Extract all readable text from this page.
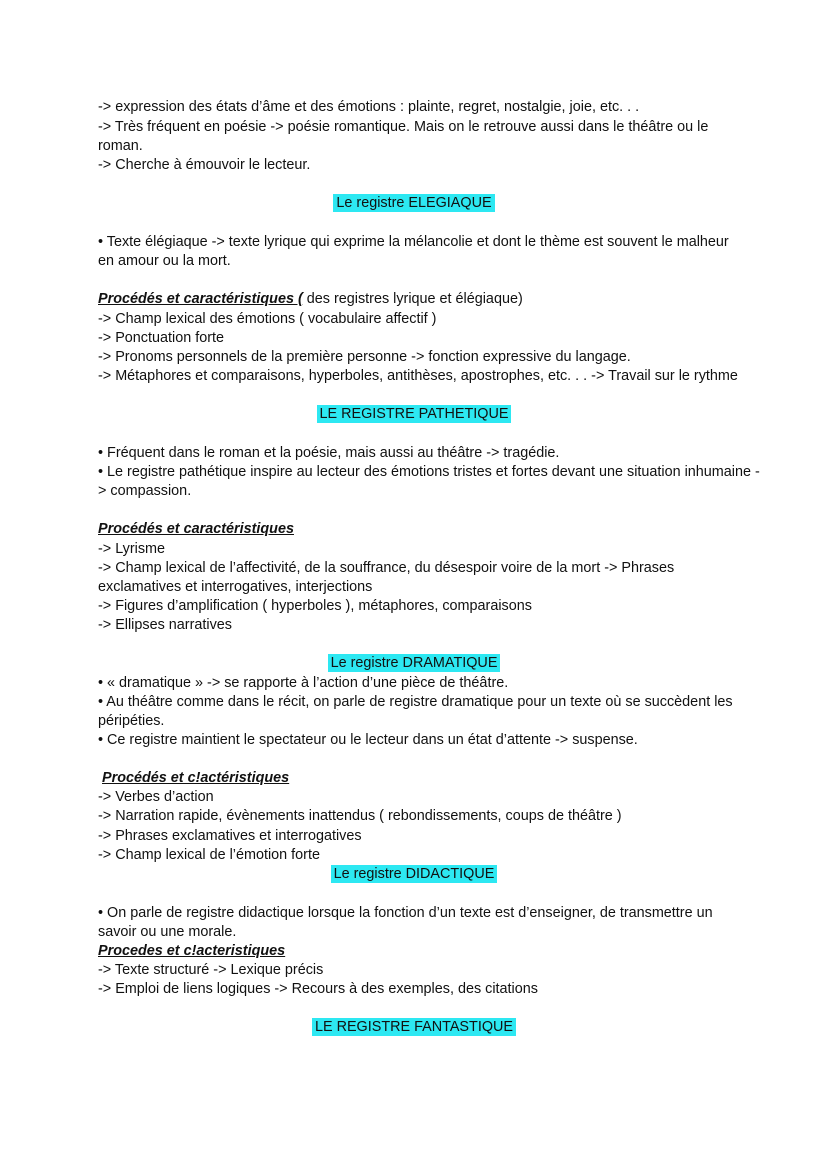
-> expression des états d’âme et des émotions : plainte, regret, nostalgie, joie, etc. . .
-> Très fréquent en poésie -> poésie romantique. Mais on le retrouve aussi dans le théâtre ou le
roman.
-> Cherche à émouvoir le lecteur.
Le registre ELEGIAQUE
• Texte élégiaque -> texte lyrique qui exprime la mélancolie et dont le thème est souvent le malheur
en amour ou la mort.
Procédés et caractéristiques ( des registres lyrique et élégiaque)
-> Champ lexical des émotions ( vocabulaire affectif )
-> Ponctuation forte
-> Pronoms personnels de la première personne -> fonction expressive du langage.
-> Métaphores et comparaisons, hyperboles, antithèses, apostrophes, etc. . . -> Travail sur le rythme
LE REGISTRE PATHETIQUE
• Fréquent dans le roman et la poésie, mais aussi au théâtre -> tragédie.
• Le registre pathétique inspire au lecteur des émotions tristes et fortes devant une situation inhumaine -
> compassion.
Procédés et caractéristiques
-> Lyrisme
-> Champ lexical de l’affectivité, de la souffrance, du désespoir voire de la mort -> Phrases
exclamatives et interrogatives, interjections
-> Figures d’amplification ( hyperboles ), métaphores, comparaisons
-> Ellipses narratives
Le registre DRAMATIQUE
• « dramatique » -> se rapporte à l’action d’une pièce de théâtre.
• Au théâtre comme dans le récit, on parle de registre dramatique pour un texte où se succèdent les
péripéties.
• Ce registre maintient le spectateur ou le lecteur dans un état d’attente -> suspense.
Procédés et c!actéristiques
-> Verbes d’action
-> Narration rapide, évènements inattendus ( rebondissements, coups de théâtre )
-> Phrases exclamatives et interrogatives
-> Champ lexical de l’émotion forte
Le registre DIDACTIQUE
• On parle de registre didactique lorsque la fonction d’un texte est d’enseigner, de transmettre un
savoir ou une morale.
Procedes et c!acteristiques
-> Texte structuré -> Lexique précis
-> Emploi de liens logiques -> Recours à des exemples, des citations
LE REGISTRE FANTASTIQUE
